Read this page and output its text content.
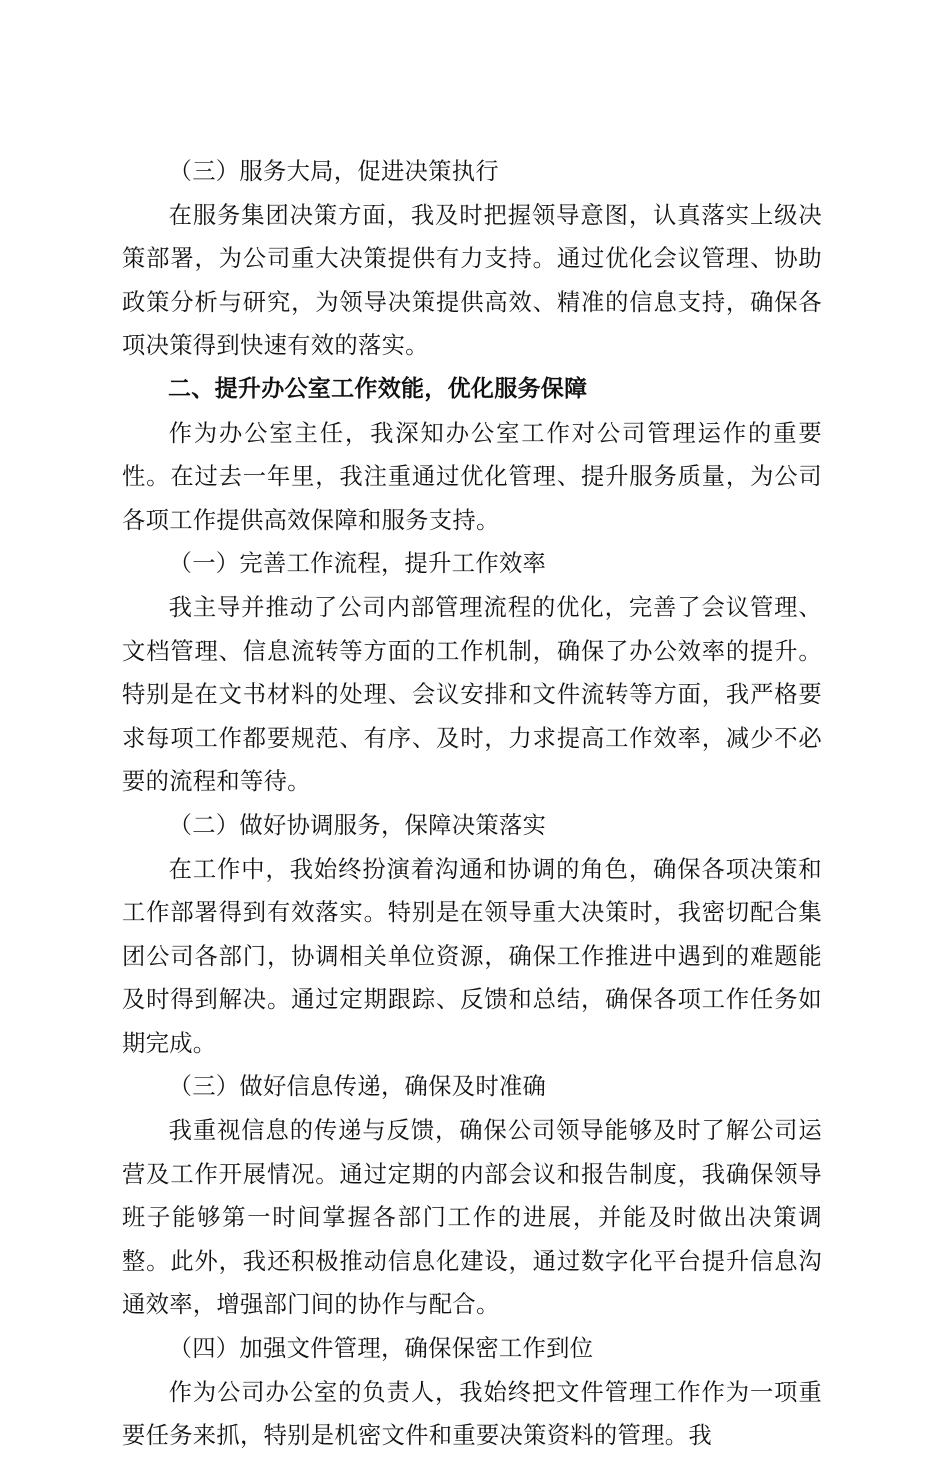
（三）服务大局，促进决策执行

在服务集团决策方面，我及时把握领导意图，认真落实上级决策部署，为公司重大决策提供有力支持。通过优化会议管理、协助政策分析与研究，为领导决策提供高效、精准的信息支持，确保各项决策得到快速有效的落实。

二、提升办公室工作效能，优化服务保障

作为办公室主任，我深知办公室工作对公司管理运作的重要性。在过去一年里，我注重通过优化管理、提升服务质量，为公司各项工作提供高效保障和服务支持。

（一）完善工作流程，提升工作效率

我主导并推动了公司内部管理流程的优化，完善了会议管理、文档管理、信息流转等方面的工作机制，确保了办公效率的提升。特别是在文书材料的处理、会议安排和文件流转等方面，我严格要求每项工作都要规范、有序、及时，力求提高工作效率，减少不必要的流程和等待。

（二）做好协调服务，保障决策落实

在工作中，我始终扮演着沟通和协调的角色，确保各项决策和工作部署得到有效落实。特别是在领导重大决策时，我密切配合集团公司各部门，协调相关单位资源，确保工作推进中遇到的难题能及时得到解决。通过定期跟踪、反馈和总结，确保各项工作任务如期完成。

（三）做好信息传递，确保及时准确

我重视信息的传递与反馈，确保公司领导能够及时了解公司运营及工作开展情况。通过定期的内部会议和报告制度，我确保领导班子能够第一时间掌握各部门工作的进展，并能及时做出决策调整。此外，我还积极推动信息化建设，通过数字化平台提升信息沟通效率，增强部门间的协作与配合。

（四）加强文件管理，确保保密工作到位

作为公司办公室的负责人，我始终把文件管理工作作为一项重要任务来抓，特别是机密文件和重要决策资料的管理。我
